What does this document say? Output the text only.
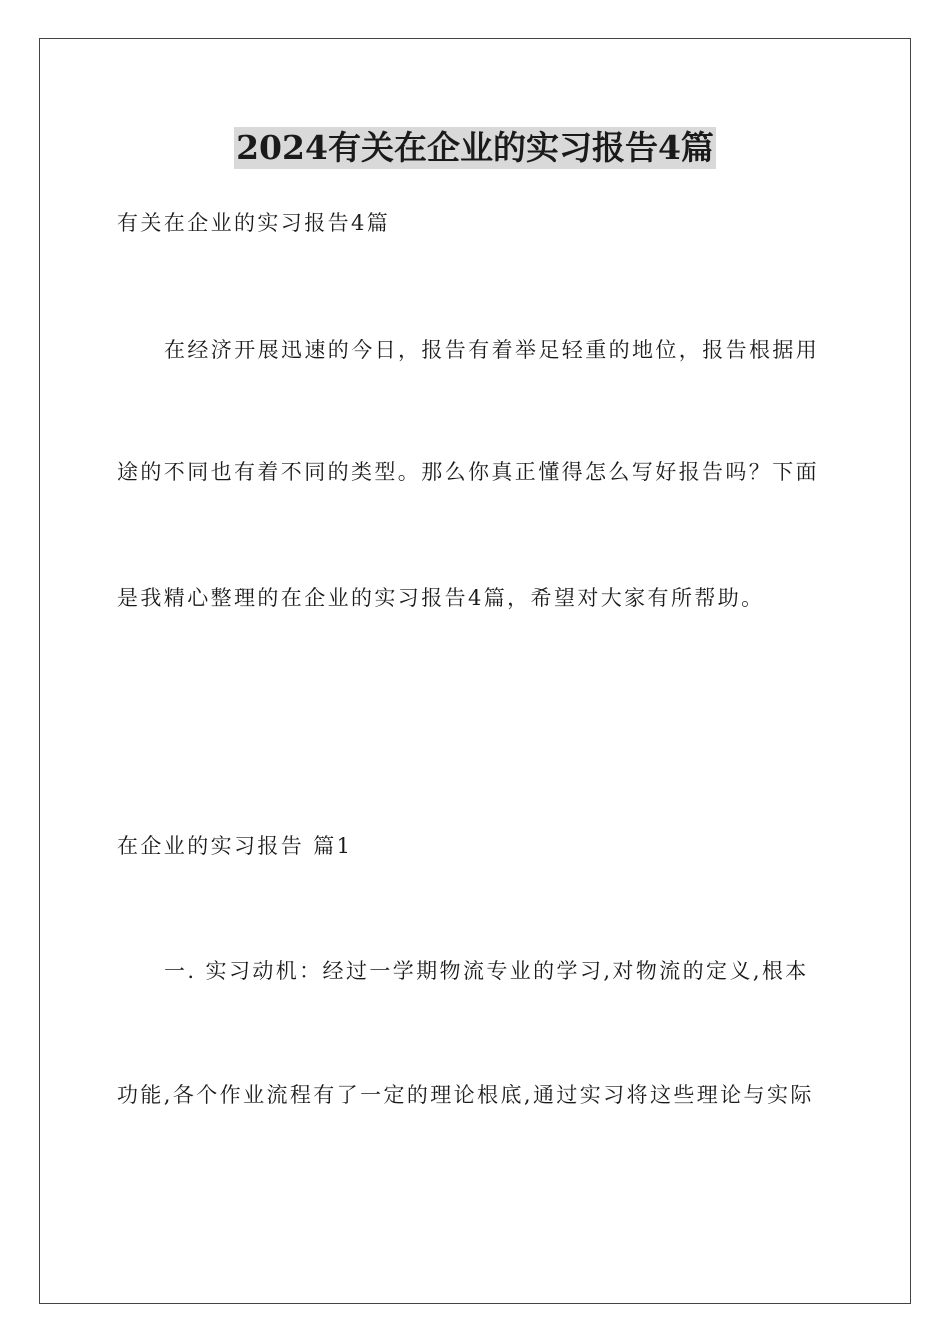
2024有关在企业的实习报告4篇
有关在企业的实习报告4篇
在经济开展迅速的今日，报告有着举足轻重的地位，报告根据用
途的不同也有着不同的类型。那么你真正懂得怎么写好报告吗？下面
是我精心整理的在企业的实习报告4篇，希望对大家有所帮助。
在企业的实习报告 篇1
一. 实习动机：经过一学期物流专业的学习,对物流的定义,根本
功能,各个作业流程有了一定的理论根底,通过实习将这些理论与实际
